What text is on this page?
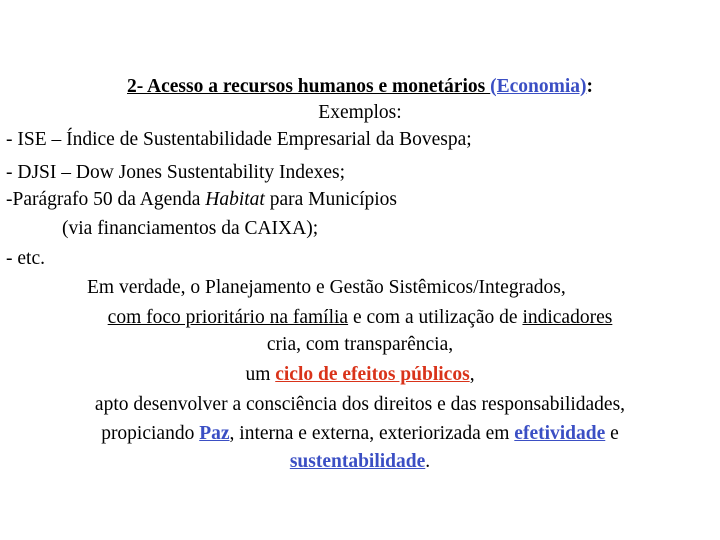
2- Acesso a recursos humanos e monetários (Economia):
Exemplos:
- ISE – Índice de Sustentabilidade Empresarial da Bovespa;
- DJSI – Dow Jones Sustentability Indexes;
-Parágrafo 50 da Agenda Habitat para Municípios
(via financiamentos da CAIXA);
- etc.
Em verdade, o Planejamento e Gestão Sistêmicos/Integrados,
com foco prioritário na família e com a utilização de indicadores
cria, com transparência,
um ciclo de efeitos públicos,
apto desenvolver a consciência dos direitos e das responsabilidades,
propiciando Paz, interna e externa, exteriorizada em efetividade e
sustentabilidade.
